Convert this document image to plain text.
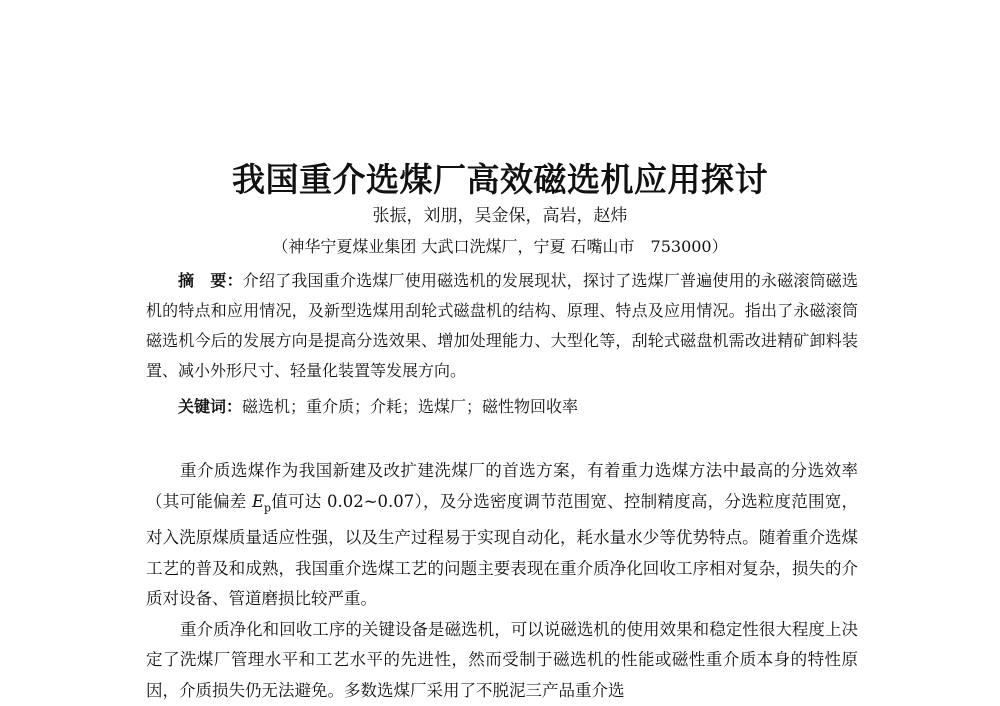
我国重介选煤厂高效磁选机应用探讨
张振，刘朋，吴金保，高岩，赵炜
（神华宁夏煤业集团 大武口洗煤厂，宁夏 石嘴山市　753000）
摘　要：介绍了我国重介选煤厂使用磁选机的发展现状，探讨了选煤厂普遍使用的永磁滚筒磁选机的特点和应用情况，及新型选煤用刮轮式磁盘机的结构、原理、特点及应用情况。指出了永磁滚筒磁选机今后的发展方向是提高分选效果、增加处理能力、大型化等，刮轮式磁盘机需改进精矿卸料装置、减小外形尺寸、轻量化装置等发展方向。
关键词：磁选机；重介质；介耗；选煤厂；磁性物回收率

重介质选煤作为我国新建及改扩建洗煤厂的首选方案，有着重力选煤方法中最高的分选效率（其可能偏差 $E_p$值可达 0.02~0.07），及分选密度调节范围宽、控制精度高，分选粒度范围宽，对入洗原煤质量适应性强，以及生产过程易于实现自动化，耗水量水少等优势特点。随着重介选煤工艺的普及和成熟，我国重介选煤工艺的问题主要表现在重介质净化回收工序相对复杂，损失的介质对设备、管道磨损比较严重。

重介质净化和回收工序的关键设备是磁选机，可以说磁选机的使用效果和稳定性很大程度上决定了洗煤厂管理水平和工艺水平的先进性，然而受制于磁选机的性能或磁性重介质本身的特性原因，介质损失仍无法避免。多数选煤厂采用了不脱泥三产品重介选
